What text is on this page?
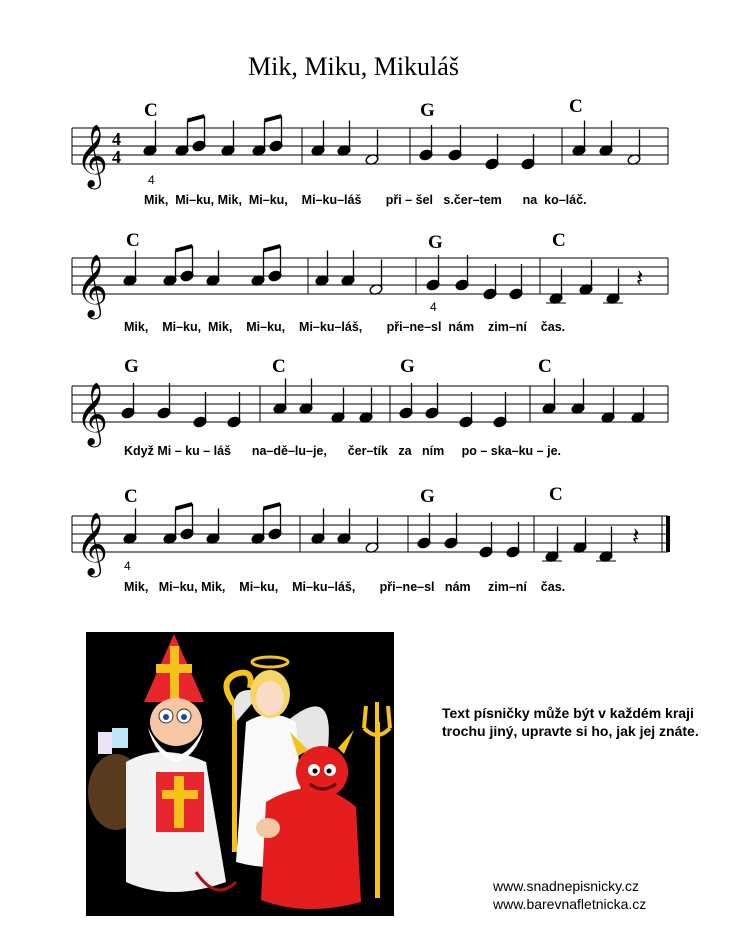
Mik, Miku, Mikuláš
𝄞 4
4
𝄞	𝄽
𝄞
𝄞	𝄽
C	G	C
4
Mik,  Mi–ku, Mik,  Mi–ku,    Mi–ku–láš       při – šel   s.čer–tem      na  ko–láč.
C	G	C
4
Mik,    Mi–ku,  Mik,    Mi–ku,    Mi–ku–láš,       při–ne–sl  nám    zim–ní    čas.
G	C	G	C
Když Mi – ku – láš      na–dě–lu–je,      čer–tík   za   ním     po – ska–ku – je.
C	G	C
4
Mik,   Mi–ku, Mik,    Mi–ku,    Mi–ku–láš,       při–ne–sl   nám     zim–ní    čas.
Text písničky může být v každém kraji trochu jiný, upravte si ho, jak jej znáte.
www.snadnepisnicky.cz
www.barevnafletnicka.cz
